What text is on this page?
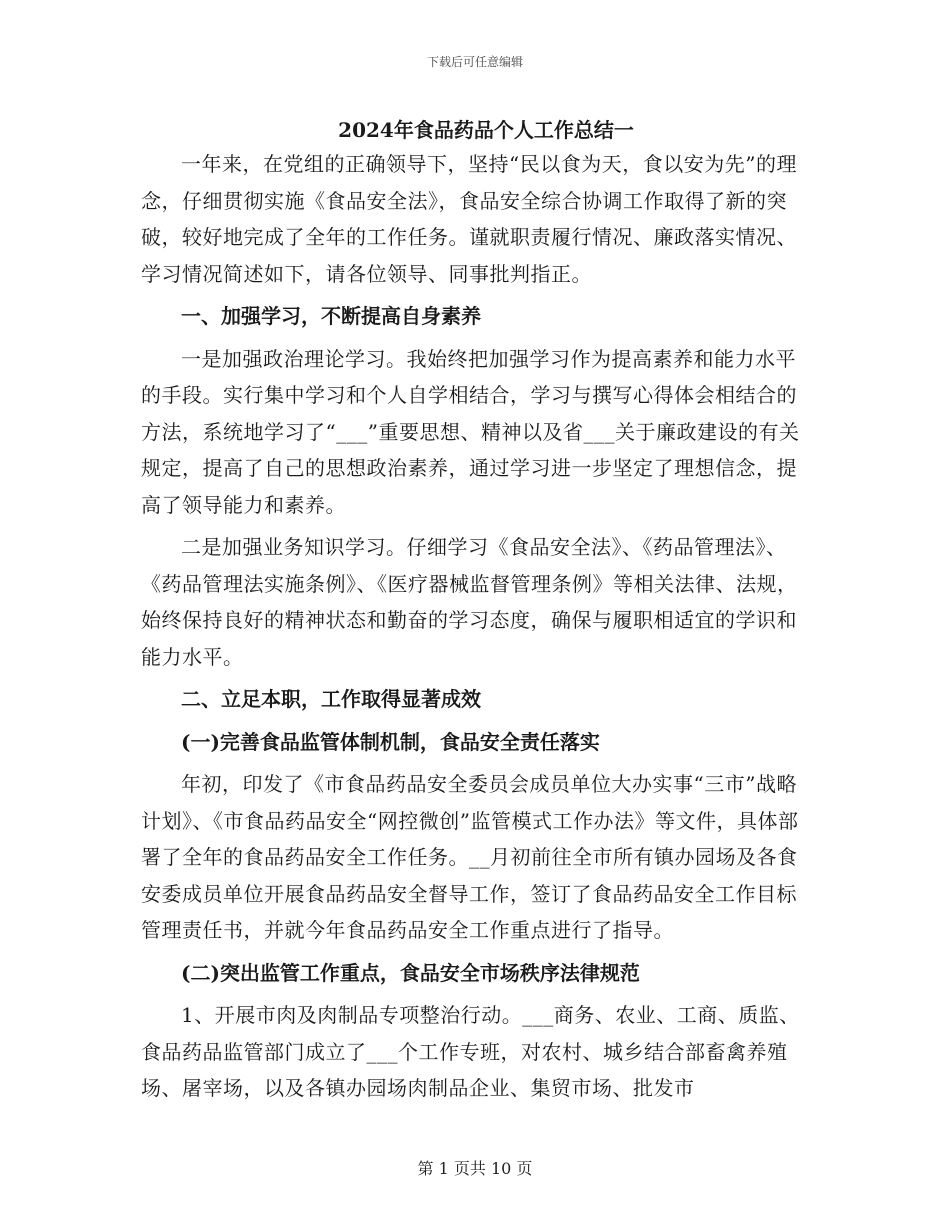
下载后可任意编辑
2024年食品药品个人工作总结一

一年来，在党组的正确领导下，坚持“民以食为天，食以安为先”的理念，仔细贯彻实施《食品安全法》，食品安全综合协调工作取得了新的突破，较好地完成了全年的工作任务。谨就职责履行情况、廉政落实情况、学习情况简述如下，请各位领导、同事批判指正。

一、加强学习，不断提高自身素养

一是加强政治理论学习。我始终把加强学习作为提高素养和能力水平的手段。实行集中学习和个人自学相结合，学习与撰写心得体会相结合的方法，系统地学习了“___”重要思想、精神以及省___关于廉政建设的有关规定，提高了自己的思想政治素养，通过学习进一步坚定了理想信念，提高了领导能力和素养。

二是加强业务知识学习。仔细学习《食品安全法》、《药品管理法》、《药品管理法实施条例》、《医疗器械监督管理条例》等相关法律、法规，始终保持良好的精神状态和勤奋的学习态度，确保与履职相适宜的学识和能力水平。

二、立足本职，工作取得显著成效

(一)完善食品监管体制机制，食品安全责任落实

年初，印发了《市食品药品安全委员会成员单位大办实事“三市”战略计划》、《市食品药品安全“网控微创”监管模式工作办法》等文件，具体部署了全年的食品药品安全工作任务。__月初前往全市所有镇办园场及各食安委成员单位开展食品药品安全督导工作，签订了食品药品安全工作目标管理责任书，并就今年食品药品安全工作重点进行了指导。

(二)突出监管工作重点，食品安全市场秩序法律规范

1、开展市肉及肉制品专项整治行动。___商务、农业、工商、质监、食品药品监管部门成立了___个工作专班，对农村、城乡结合部畜禽养殖场、屠宰场，以及各镇办园场肉制品企业、集贸市场、批发市

第 1 页共 10 页
